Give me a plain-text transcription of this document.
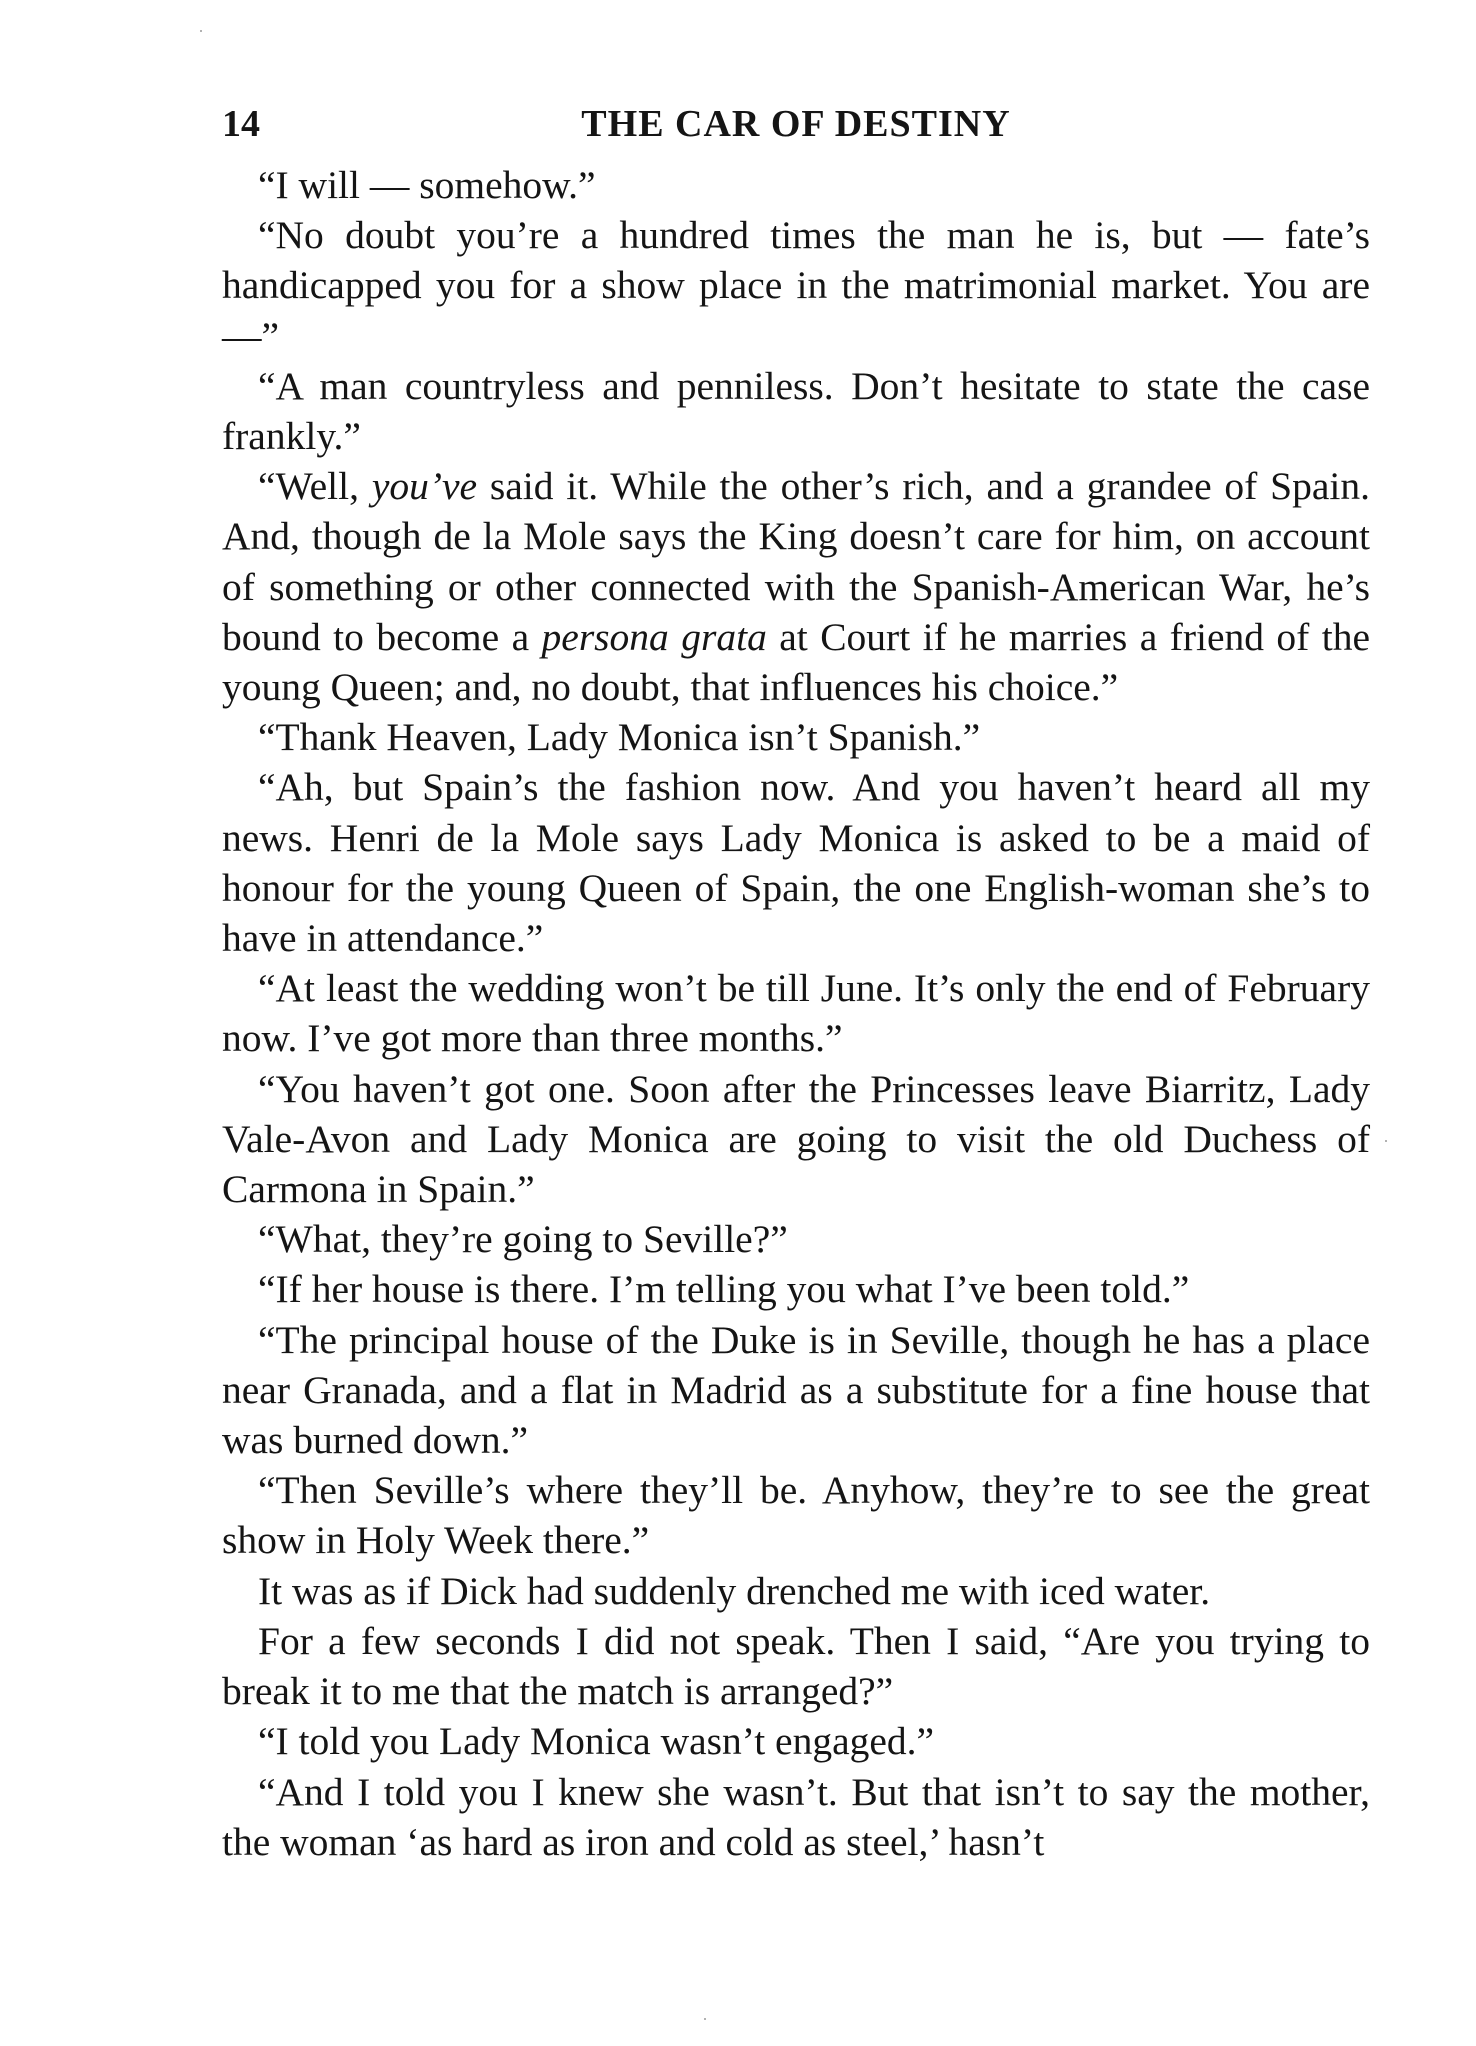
14	THE CAR OF DESTINY

“I will — somehow.”

“No doubt you’re a hundred times the man he is, but — fate’s handicapped you for a show place in the matrimonial market. You are —”

“A man countryless and penniless. Don’t hesitate to state the case frankly.”

“Well, you’ve said it. While the other’s rich, and a grandee of Spain. And, though de la Mole says the King doesn’t care for him, on account of something or other connected with the Spanish-American War, he’s bound to become a persona grata at Court if he marries a friend of the young Queen; and, no doubt, that influences his choice.”

“Thank Heaven, Lady Monica isn’t Spanish.”

“Ah, but Spain’s the fashion now. And you haven’t heard all my news. Henri de la Mole says Lady Monica is asked to be a maid of honour for the young Queen of Spain, the one English-woman she’s to have in attendance.”

“At least the wedding won’t be till June. It’s only the end of February now. I’ve got more than three months.”

“You haven’t got one. Soon after the Princesses leave Biarritz, Lady Vale-Avon and Lady Monica are going to visit the old Duchess of Carmona in Spain.”

“What, they’re going to Seville?”

“If her house is there. I’m telling you what I’ve been told.”

“The principal house of the Duke is in Seville, though he has a place near Granada, and a flat in Madrid as a substitute for a fine house that was burned down.”

“Then Seville’s where they’ll be. Anyhow, they’re to see the great show in Holy Week there.”

It was as if Dick had suddenly drenched me with iced water.

For a few seconds I did not speak. Then I said, “Are you trying to break it to me that the match is arranged?”

“I told you Lady Monica wasn’t engaged.”

“And I told you I knew she wasn’t. But that isn’t to say the mother, the woman ‘as hard as iron and cold as steel,’ hasn’t
